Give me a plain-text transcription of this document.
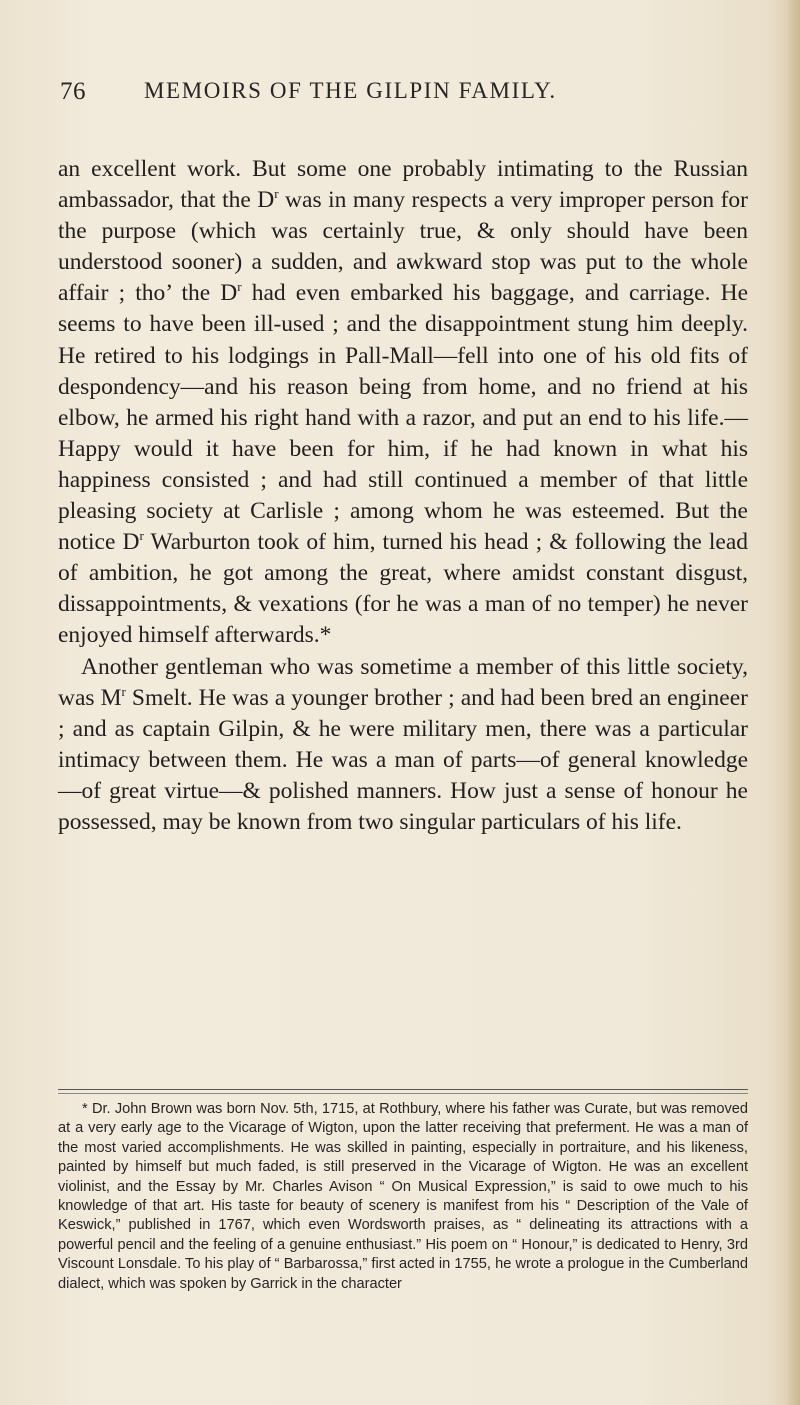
76	MEMOIRS OF THE GILPIN FAMILY.

an excellent work. But some one probably intimating to the Russian ambassador, that the $D^r$ was in many respects a very improper person for the purpose (which was certainly true, & only should have been understood sooner) a sudden, and awkward stop was put to the whole affair ; tho’ the $D^r$ had even embarked his baggage, and carriage. He seems to have been ill-used ; and the disappointment stung him deeply. He retired to his lodgings in Pall-Mall—fell into one of his old fits of despondency—and his reason being from home, and no friend at his elbow, he armed his right hand with a razor, and put an end to his life.—Happy would it have been for him, if he had known in what his happiness consisted ; and had still continued a member of that little pleasing society at Carlisle ; among whom he was esteemed. But the notice $D^r$ Warburton took of him, turned his head ; & following the lead of ambition, he got among the great, where amidst constant disgust, dissappointments, & vexations (for he was a man of no temper) he never enjoyed himself afterwards.*

Another gentleman who was sometime a member of this little society, was $M^r$ Smelt. He was a younger brother ; and had been bred an engineer ; and as captain Gilpin, & he were military men, there was a particular intimacy between them. He was a man of parts—of general knowledge—of great virtue—& polished manners. How just a sense of honour he possessed, may be known from two singular particulars of his life.

* Dr. John Brown was born Nov. 5th, 1715, at Rothbury, where his father was Curate, but was removed at a very early age to the Vicarage of Wigton, upon the latter receiving that preferment. He was a man of the most varied accomplishments. He was skilled in painting, especially in portraiture, and his likeness, painted by himself but much faded, is still preserved in the Vicarage of Wigton. He was an excellent violinist, and the Essay by Mr. Charles Avison “ On Musical Expression,” is said to owe much to his knowledge of that art. His taste for beauty of scenery is manifest from his “ Description of the Vale of Keswick,” published in 1767, which even Wordsworth praises, as “ delineating its attractions with a powerful pencil and the feeling of a genuine enthusiast.” His poem on “ Honour,” is dedicated to Henry, 3rd Viscount Lonsdale. To his play of “ Barbarossa,” first acted in 1755, he wrote a prologue in the Cumberland dialect, which was spoken by Garrick in the character
